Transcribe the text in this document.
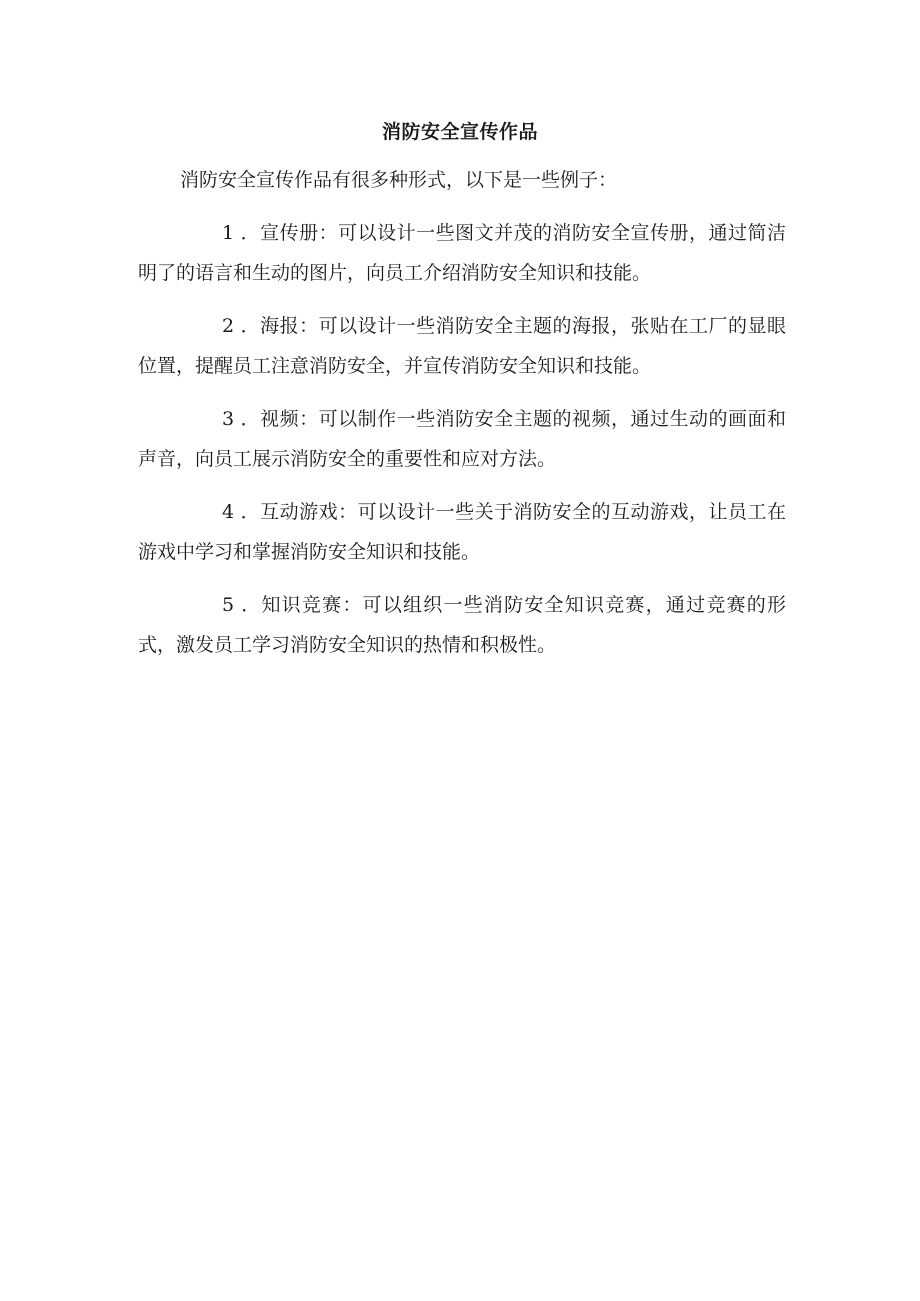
消防安全宣传作品

消防安全宣传作品有很多种形式，以下是一些例子：

1 ．宣传册：可以设计一些图文并茂的消防安全宣传册，通过简洁明了的语言和生动的图片，向员工介绍消防安全知识和技能。

2 ．海报：可以设计一些消防安全主题的海报，张贴在工厂的显眼位置，提醒员工注意消防安全，并宣传消防安全知识和技能。

3 ．视频：可以制作一些消防安全主题的视频，通过生动的画面和声音，向员工展示消防安全的重要性和应对方法。

4 ．互动游戏：可以设计一些关于消防安全的互动游戏，让员工在游戏中学习和掌握消防安全知识和技能。

5 ．知识竞赛：可以组织一些消防安全知识竞赛，通过竞赛的形式，激发员工学习消防安全知识的热情和积极性。
